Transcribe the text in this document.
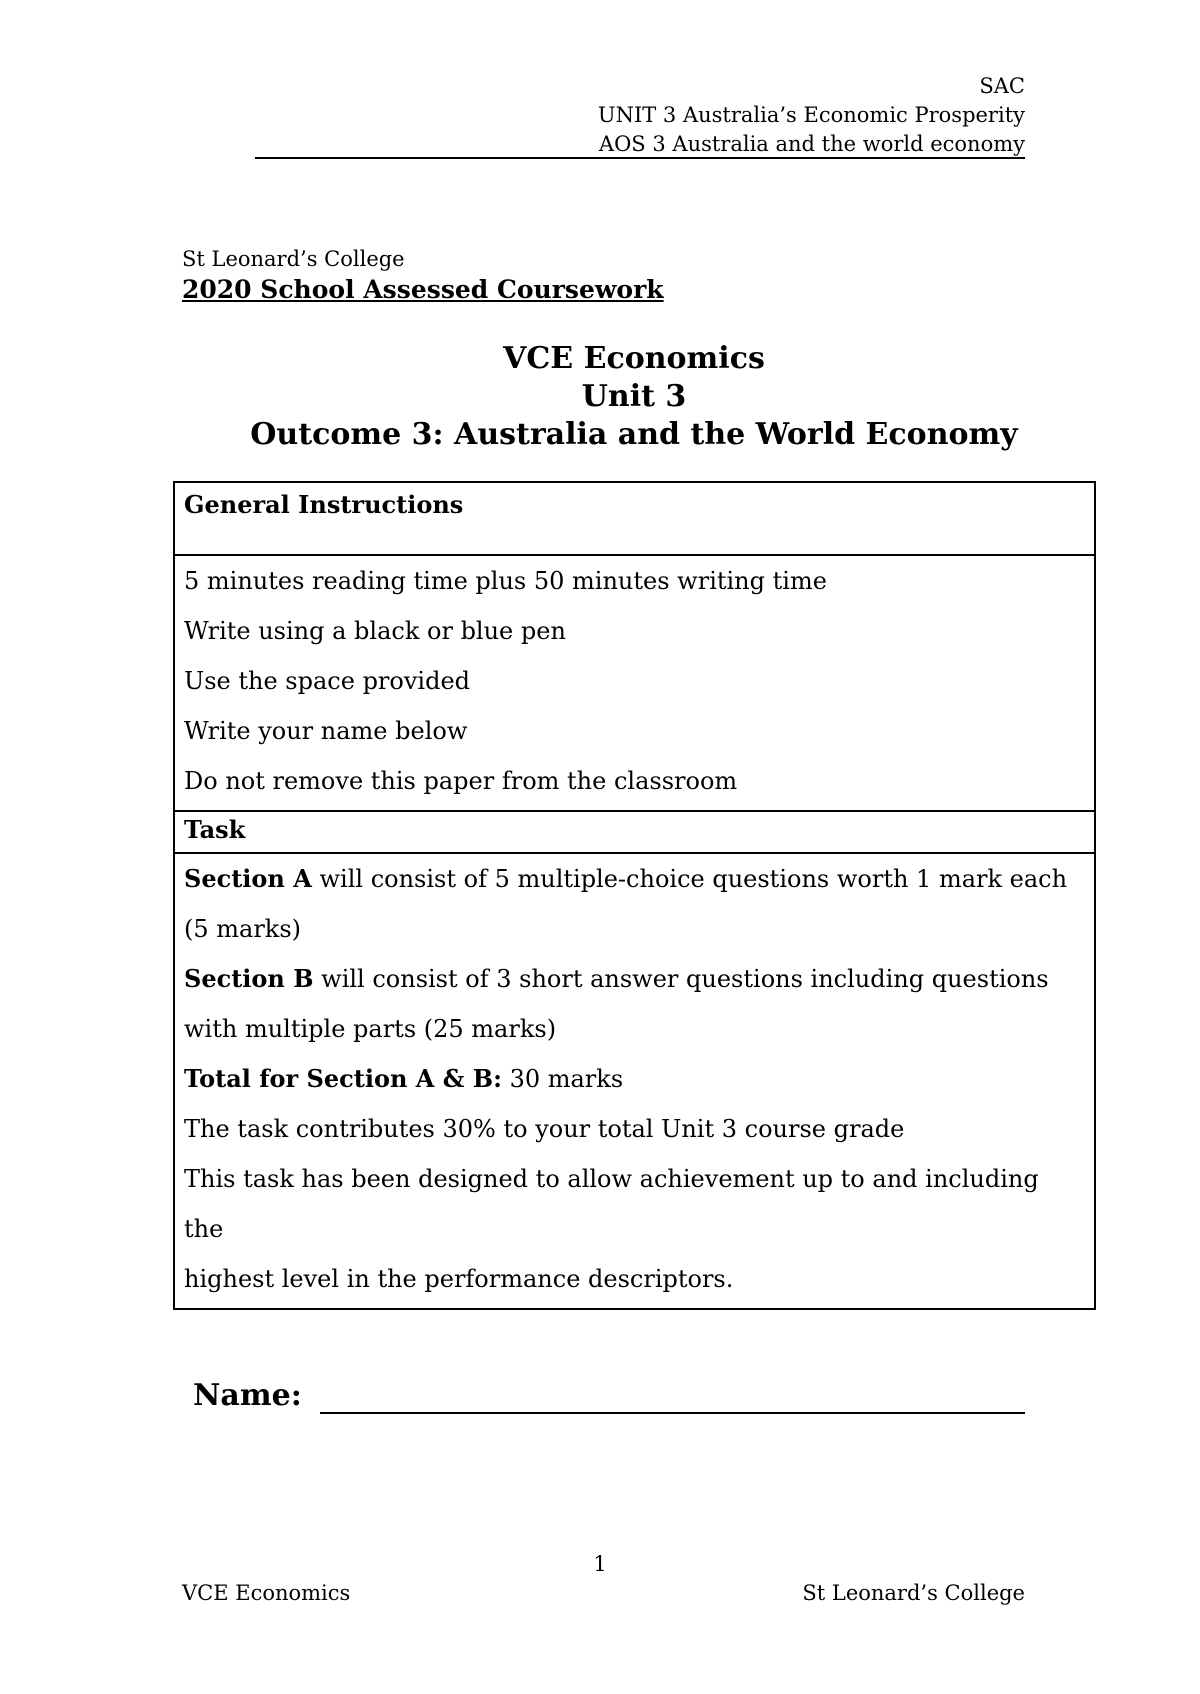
SAC
UNIT 3 Australia’s Economic Prosperity
AOS 3 Australia and the world economy
St Leonard’s College
2020 School Assessed Coursework
VCE Economics
Unit 3
Outcome 3: Australia and the World Economy
General Instructions

5 minutes reading time plus 50 minutes writing time
Write using a black or blue pen
Use the space provided
Write your name below
Do not remove this paper from the classroom

Task

Section A will consist of 5 multiple-choice questions worth 1 mark each
(5 marks)
Section B will consist of 3 short answer questions including questions
with multiple parts (25 marks)
Total for Section A & B: 30 marks
The task contributes 30% to your total Unit 3 course grade
This task has been designed to allow achievement up to and including the
highest level in the performance descriptors.
Name:
1
VCE Economics	St Leonard’s College
